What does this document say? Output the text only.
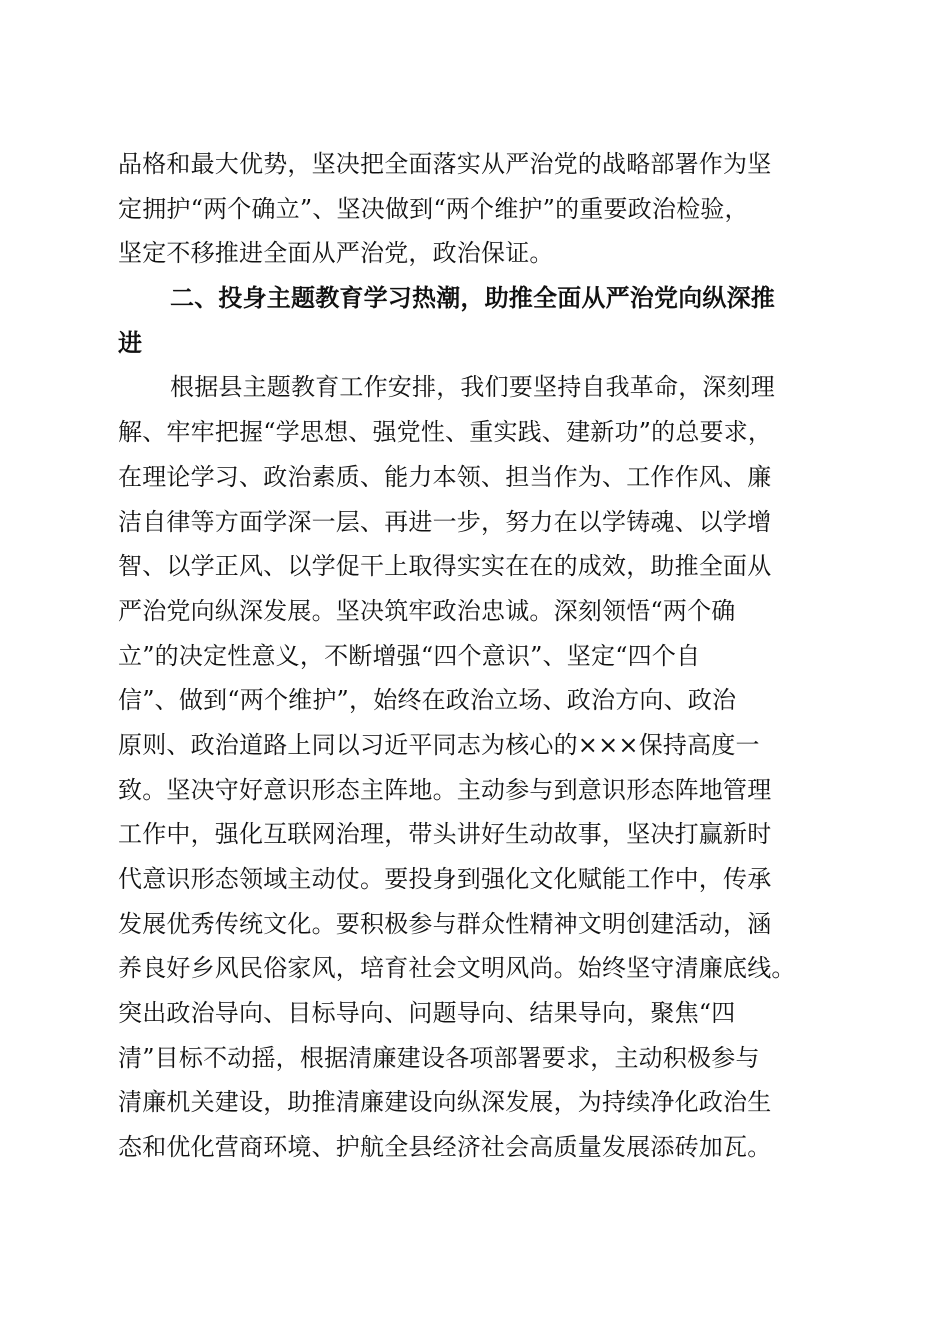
品格和最大优势，坚决把全面落实从严治党的战略部署作为坚
定拥护“两个确立”、坚决做到“两个维护”的重要政治检验，
坚定不移推进全面从严治党，政治保证。
二、投身主题教育学习热潮，助推全面从严治党向纵深推
进
根据县主题教育工作安排，我们要坚持自我革命，深刻理
解、牢牢把握“学思想、强党性、重实践、建新功”的总要求，
在理论学习、政治素质、能力本领、担当作为、工作作风、廉
洁自律等方面学深一层、再进一步，努力在以学铸魂、以学增
智、以学正风、以学促干上取得实实在在的成效，助推全面从
严治党向纵深发展。坚决筑牢政治忠诚。深刻领悟“两个确
立”的决定性意义，不断增强“四个意识”、坚定“四个自
信”、做到“两个维护”，始终在政治立场、政治方向、政治
原则、政治道路上同以习近平同志为核心的×××保持高度一
致。坚决守好意识形态主阵地。主动参与到意识形态阵地管理
工作中，强化互联网治理，带头讲好生动故事，坚决打赢新时
代意识形态领域主动仗。要投身到强化文化赋能工作中，传承
发展优秀传统文化。要积极参与群众性精神文明创建活动，涵
养良好乡风民俗家风，培育社会文明风尚。始终坚守清廉底线。
突出政治导向、目标导向、问题导向、结果导向，聚焦“四
清”目标不动摇，根据清廉建设各项部署要求，主动积极参与
清廉机关建设，助推清廉建设向纵深发展，为持续净化政治生
态和优化营商环境、护航全县经济社会高质量发展添砖加瓦。
